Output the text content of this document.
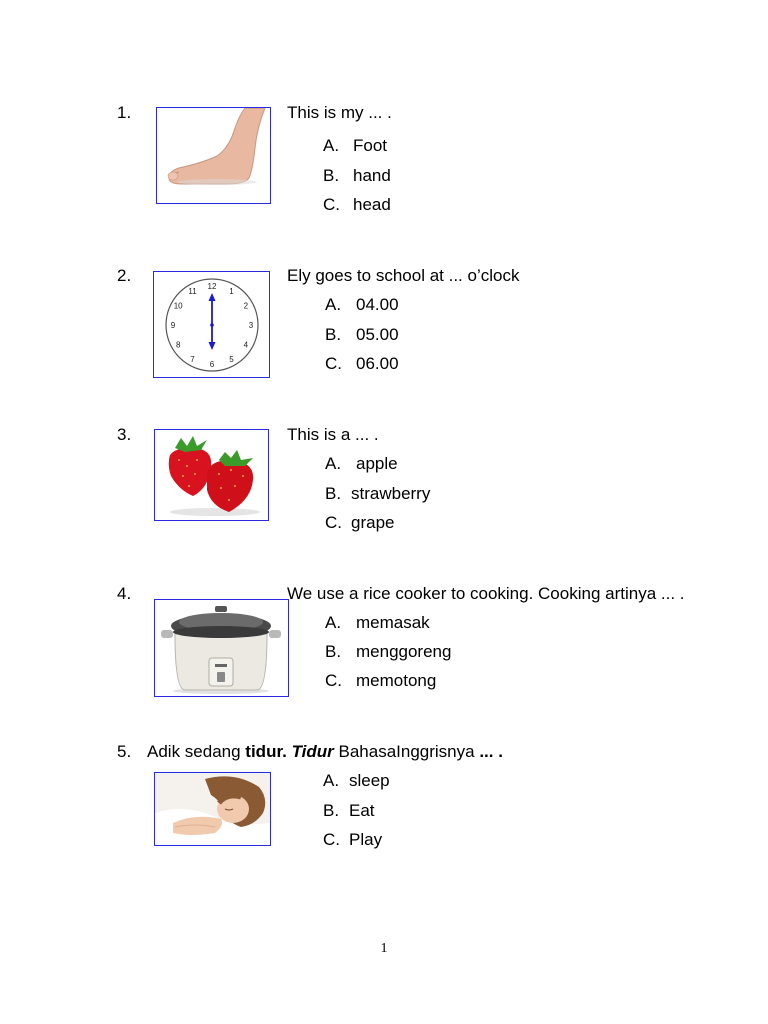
1.	This is my ... .
A. Foot
B. hand
C. head
2.
12
1
2
3
4
5
6
7
8
9
10
11
Ely goes to school at ... o’clock
A. 04.00
B. 05.00
C. 06.00
3.	This is a ... .
A. apple
B. strawberry
C. grape
4.	We use a rice cooker to cooking. Cooking artinya ... .
A. memasak
B. menggoreng
C. memotong
5. Adik sedang tidur. Tidur BahasaInggrisnya ... .
A. sleep
B. Eat
C. Play
1
